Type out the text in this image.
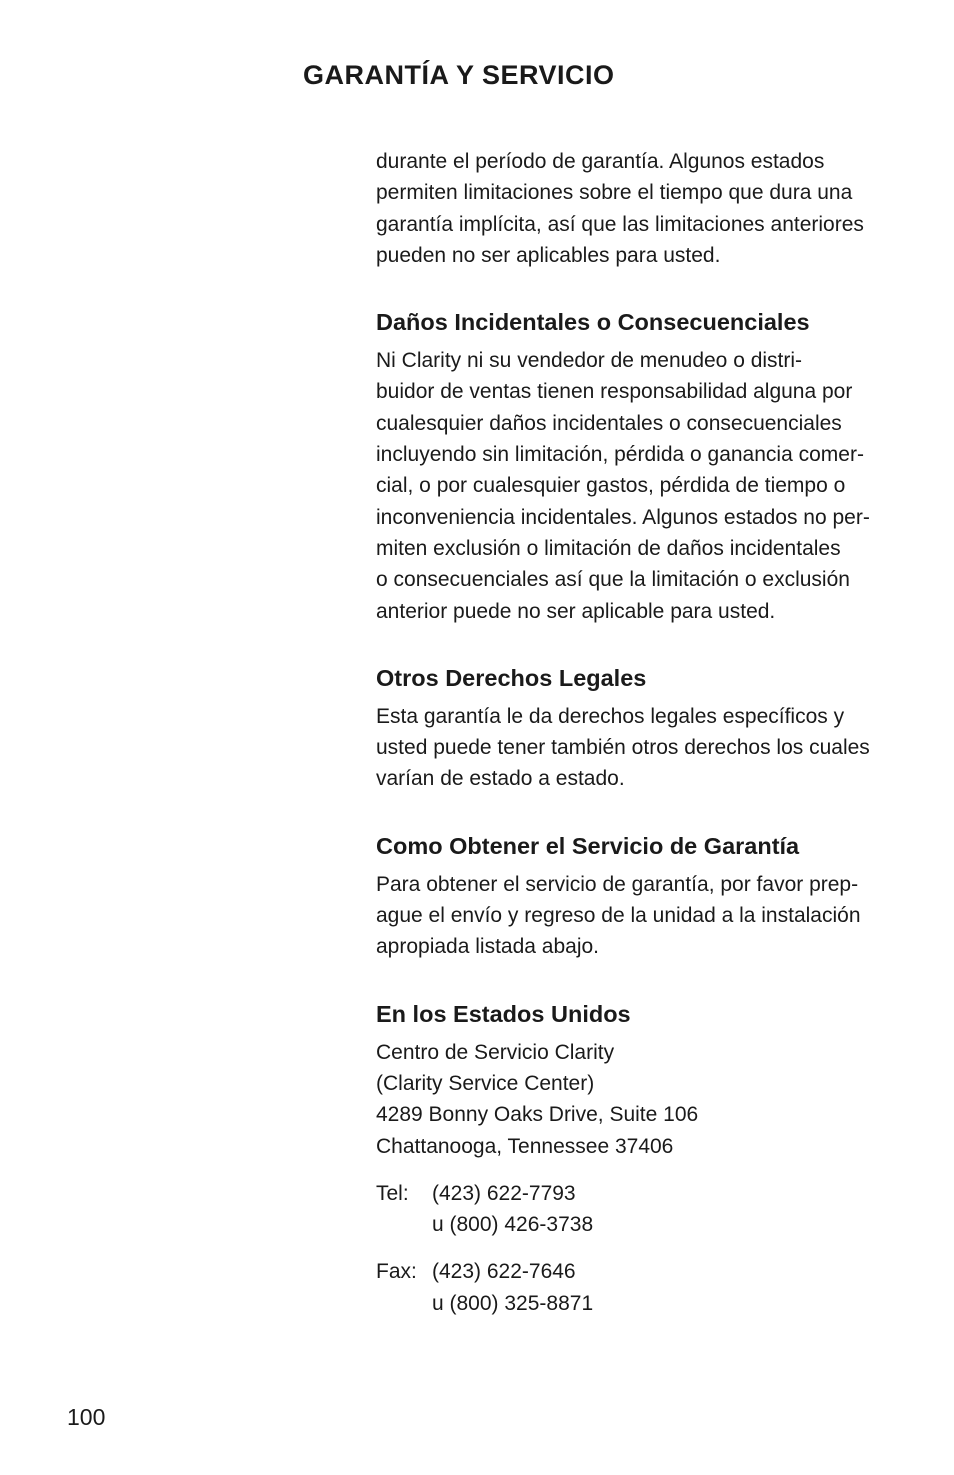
GARANTÍA Y SERVICIO

durante el período de garantía. Algunos estados
permiten limitaciones sobre el tiempo que dura una
garantía implícita, así que las limitaciones anteriores
pueden no ser aplicables para usted.

Daños Incidentales o Consecuenciales

Ni Clarity ni su vendedor de menudeo o distri-
buidor de ventas tienen responsabilidad alguna por
cualesquier daños incidentales o consecuenciales
incluyendo sin limitación, pérdida o ganancia comer-
cial, o por cualesquier gastos, pérdida de tiempo o
inconveniencia incidentales. Algunos estados no per-
miten exclusión o limitación de daños incidentales
o consecuenciales así que la limitación o exclusión
anterior puede no ser aplicable para usted.

Otros Derechos Legales

Esta garantía le da derechos legales específicos y
usted puede tener también otros derechos los cuales
varían de estado a estado.

Como Obtener el Servicio de Garantía

Para obtener el servicio de garantía, por favor prep-
ague el envío y regreso de la unidad a la instalación
apropiada listada abajo.

En los Estados Unidos

Centro de Servicio Clarity
(Clarity Service Center)
4289 Bonny Oaks Drive, Suite 106
Chattanooga, Tennessee 37406

Tel:	(423) 622-7793
	u (800) 426-3738
Fax:	(423) 622-7646
	u (800) 325-8871

100
